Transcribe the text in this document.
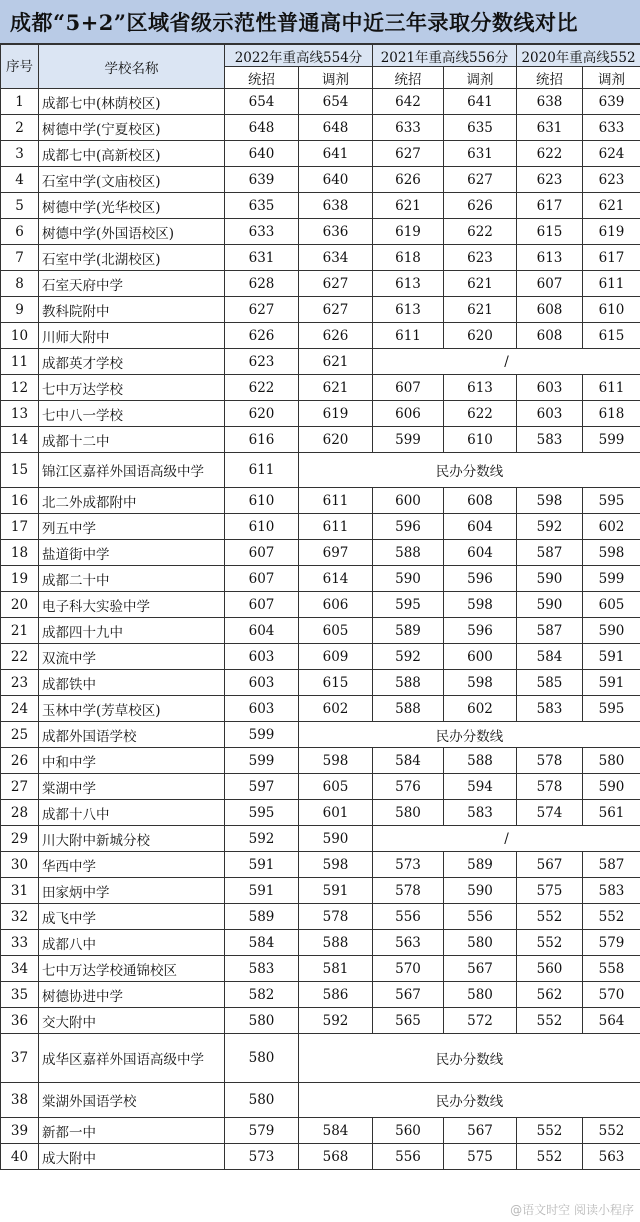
成都“5+2”区域省级示范性普通高中近三年录取分数线对比
序号	学校名称	2022年重高线554分		2021年重高线556分		2020年重高线552	
		统招	调剂	统招	调剂	统招	调剂
1	成都七中(林荫校区)	654	654	642	641	638	639
2	树德中学(宁夏校区)	648	648	633	635	631	633
3	成都七中(高新校区)	640	641	627	631	622	624
4	石室中学(文庙校区)	639	640	626	627	623	623
5	树德中学(光华校区)	635	638	621	626	617	621
6	树德中学(外国语校区)	633	636	619	622	615	619
7	石室中学(北湖校区)	631	634	618	623	613	617
8	石室天府中学	628	627	613	621	607	611
9	教科院附中	627	627	613	621	608	610
10	川师大附中	626	626	611	620	608	615
11	成都英才学校	623	621	/			
12	七中万达学校	622	621	607	613	603	611
13	七中八一学校	620	619	606	622	603	618
14	成都十二中	616	620	599	610	583	599
15	锦江区嘉祥外国语高级中学	611	民办分数线				
16	北二外成都附中	610	611	600	608	598	595
17	列五中学	610	611	596	604	592	602
18	盐道街中学	607	697	588	604	587	598
19	成都二十中	607	614	590	596	590	599
20	电子科大实验中学	607	606	595	598	590	605
21	成都四十九中	604	605	589	596	587	590
22	双流中学	603	609	592	600	584	591
23	成都铁中	603	615	588	598	585	591
24	玉林中学(芳草校区)	603	602	588	602	583	595
25	成都外国语学校	599	民办分数线				
26	中和中学	599	598	584	588	578	580
27	棠湖中学	597	605	576	594	578	590
28	成都十八中	595	601	580	583	574	561
29	川大附中新城分校	592	590	/			
30	华西中学	591	598	573	589	567	587
31	田家炳中学	591	591	578	590	575	583
32	成飞中学	589	578	556	556	552	552
33	成都八中	584	588	563	580	552	579
34	七中万达学校通锦校区	583	581	570	567	560	558
35	树德协进中学	582	586	567	580	562	570
36	交大附中	580	592	565	572	552	564
37	成华区嘉祥外国语高级中学	580	民办分数线				
38	棠湖外国语学校	580	民办分数线				
39	新都一中	579	584	560	567	552	552
40	成大附中	573	568	556	575	552	563
@语文时空 阅读小程序
